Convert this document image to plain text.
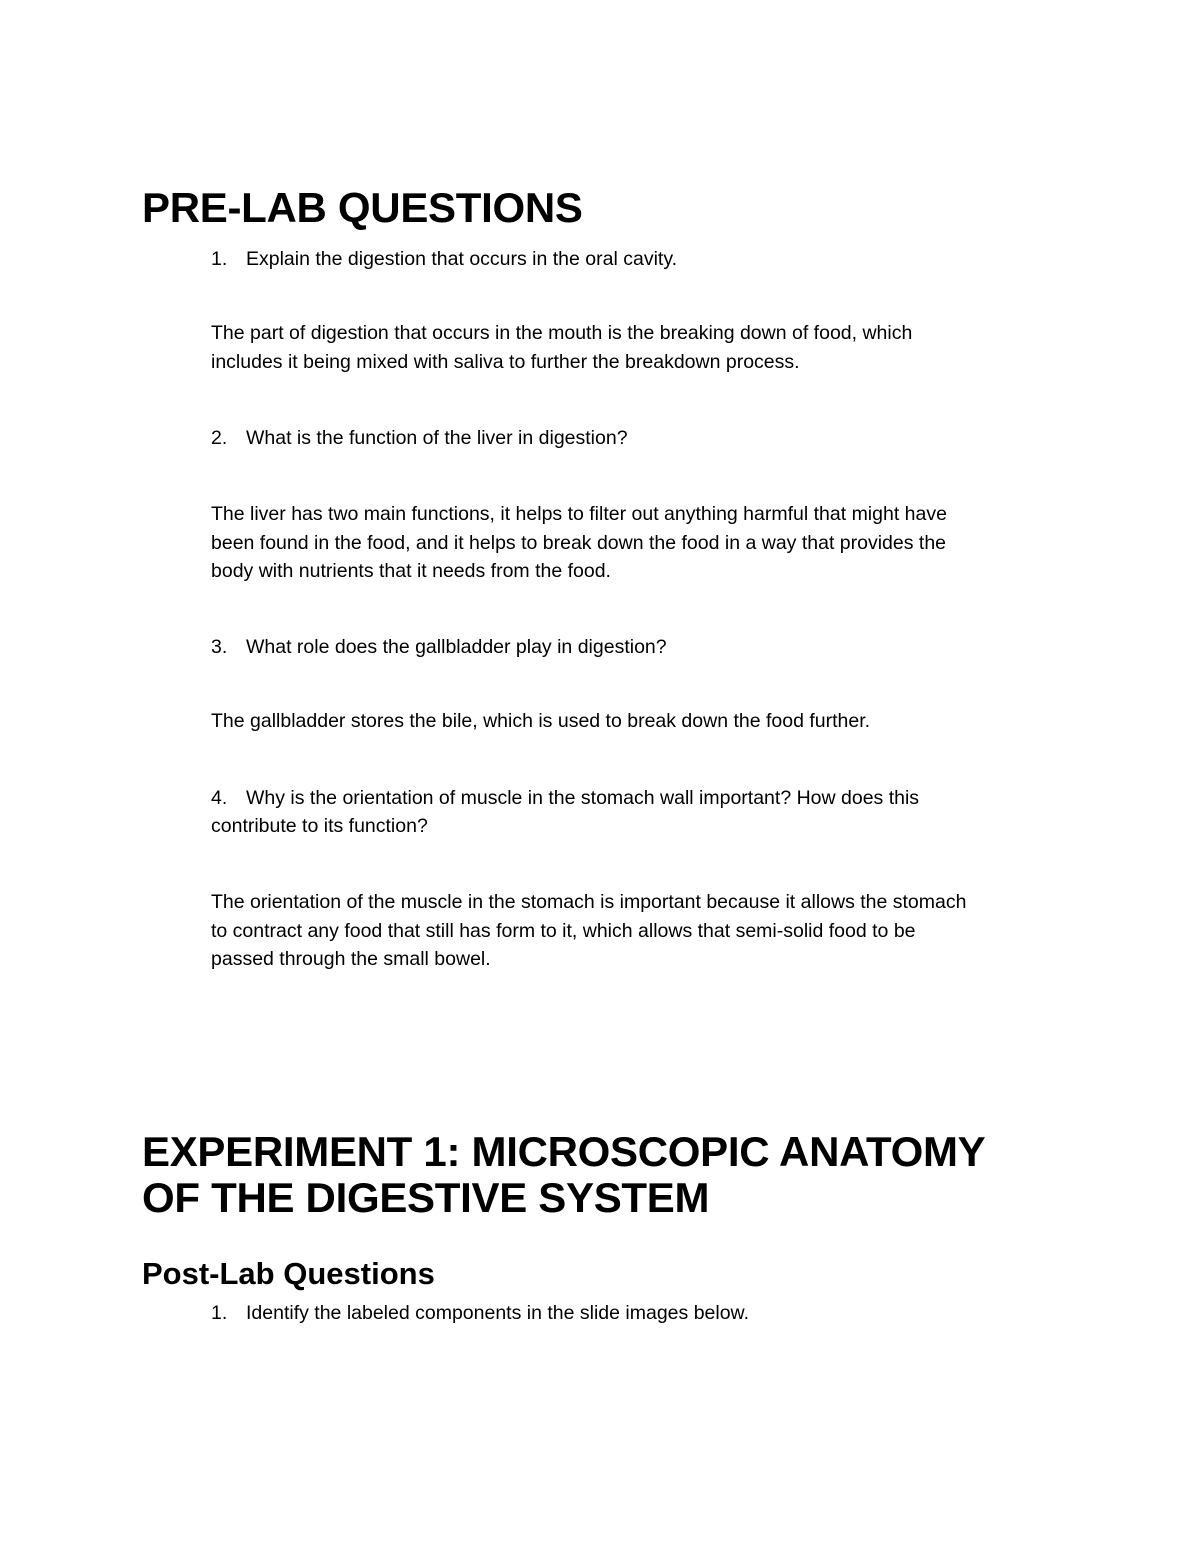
PRE-LAB QUESTIONS
1. Explain the digestion that occurs in the oral cavity.
The part of digestion that occurs in the mouth is the breaking down of food, which
includes it being mixed with saliva to further the breakdown process.
2. What is the function of the liver in digestion?
The liver has two main functions, it helps to filter out anything harmful that might have
been found in the food, and it helps to break down the food in a way that provides the
body with nutrients that it needs from the food.
3. What role does the gallbladder play in digestion?
The gallbladder stores the bile, which is used to break down the food further.
4. Why is the orientation of muscle in the stomach wall important? How does this
contribute to its function?
The orientation of the muscle in the stomach is important because it allows the stomach
to contract any food that still has form to it, which allows that semi-solid food to be
passed through the small bowel.
EXPERIMENT 1: MICROSCOPIC ANATOMY
OF THE DIGESTIVE SYSTEM
Post-Lab Questions
1. Identify the labeled components in the slide images below.
